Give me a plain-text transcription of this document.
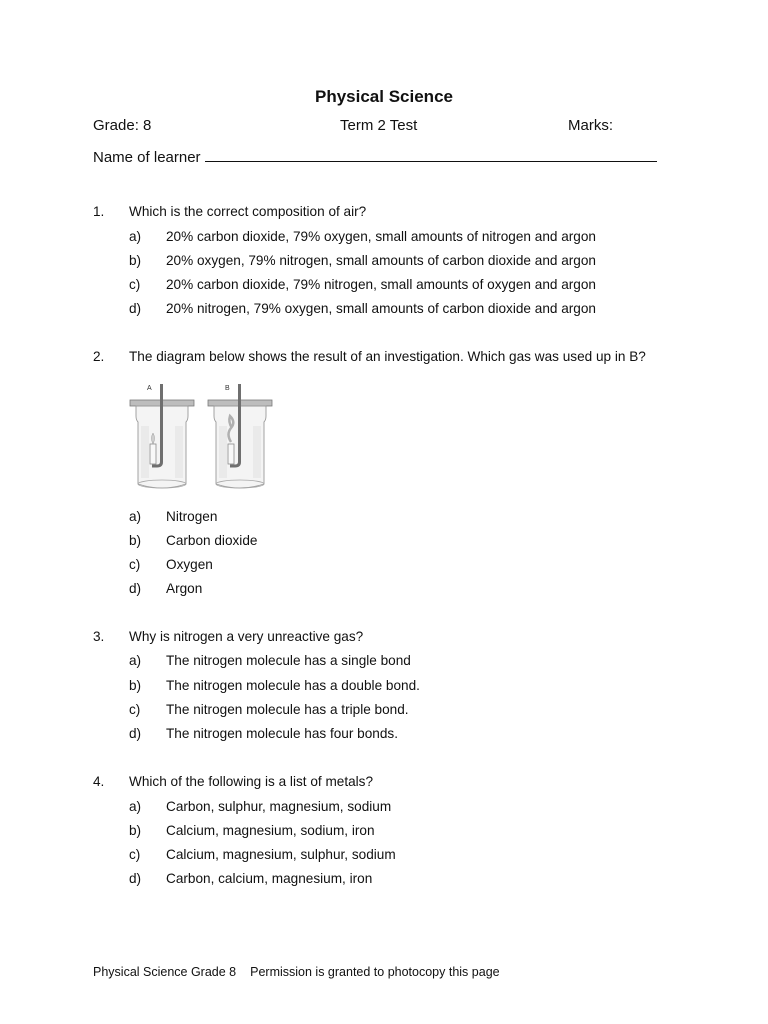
Physical Science
Grade: 8	Term 2 Test	Marks:
Name of learner
1. Which is the correct composition of air?
a) 20% carbon dioxide, 79% oxygen, small amounts of nitrogen and argon
b) 20% oxygen, 79% nitrogen, small amounts of carbon dioxide and argon
c) 20% carbon dioxide, 79% nitrogen, small amounts of oxygen and argon
d) 20% nitrogen, 79% oxygen, small amounts of carbon dioxide and argon
2. The diagram below shows the result of an investigation. Which gas was used up in B?
A	B
a) Nitrogen
b) Carbon dioxide
c) Oxygen
d) Argon
3. Why is nitrogen a very unreactive gas?
a) The nitrogen molecule has a single bond
b) The nitrogen molecule has a double bond.
c) The nitrogen molecule has a triple bond.
d) The nitrogen molecule has four bonds.
4. Which of the following is a list of metals?
a) Carbon, sulphur, magnesium, sodium
b) Calcium, magnesium, sodium, iron
c) Calcium, magnesium, sulphur, sodium
d) Carbon, calcium, magnesium, iron
Physical Science Grade 8 Permission is granted to photocopy this page
